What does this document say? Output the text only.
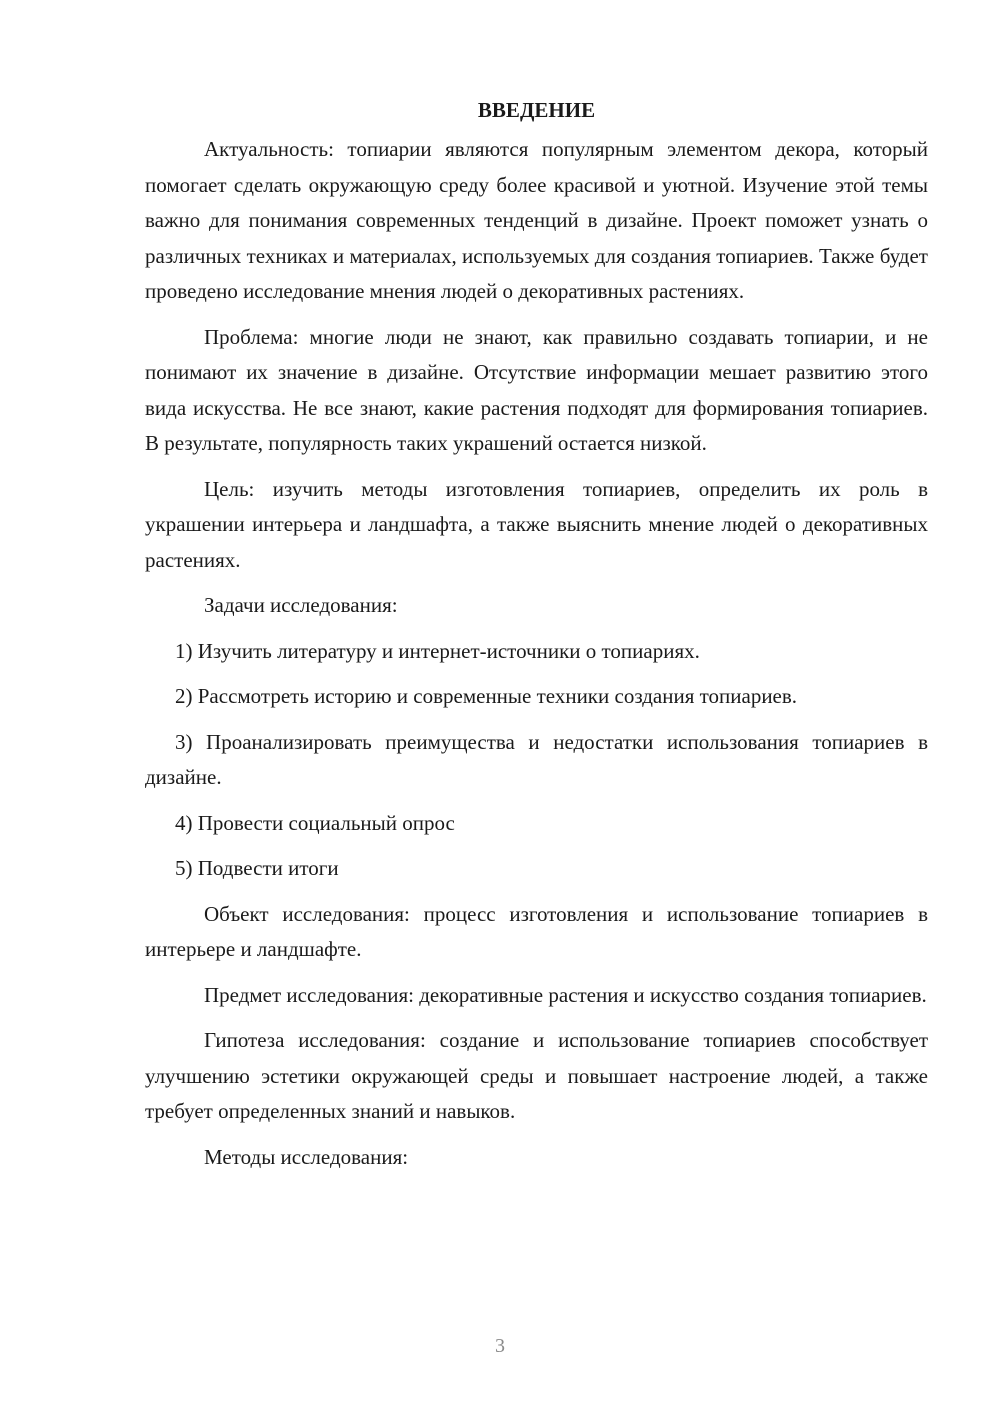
ВВЕДЕНИЕ

Актуальность: топиарии являются популярным элементом декора, который помогает сделать окружающую среду более красивой и уютной. Изучение этой темы важно для понимания современных тенденций в дизайне. Проект поможет узнать о различных техниках и материалах, используемых для создания топиариев. Также будет проведено исследование мнения людей о декоративных растениях.

Проблема: многие люди не знают, как правильно создавать топиарии, и не понимают их значение в дизайне. Отсутствие информации мешает развитию этого вида искусства. Не все знают, какие растения подходят для формирования топиариев. В результате, популярность таких украшений остается низкой.

Цель: изучить методы изготовления топиариев, определить их роль в украшении интерьера и ландшафта, а также выяснить мнение людей о декоративных растениях.

Задачи исследования:

1) Изучить литературу и интернет-источники о топиариях.

2) Рассмотреть историю и современные техники создания топиариев.

3) Проанализировать преимущества и недостатки использования топиариев в дизайне.

4) Провести социальный опрос

5) Подвести итоги

Объект исследования: процесс изготовления и использование топиариев в интерьере и ландшафте.

Предмет исследования: декоративные растения и искусство создания топиариев.

Гипотеза исследования: создание и использование топиариев способствует улучшению эстетики окружающей среды и повышает настроение людей, а также требует определенных знаний и навыков.

Методы исследования:

3
